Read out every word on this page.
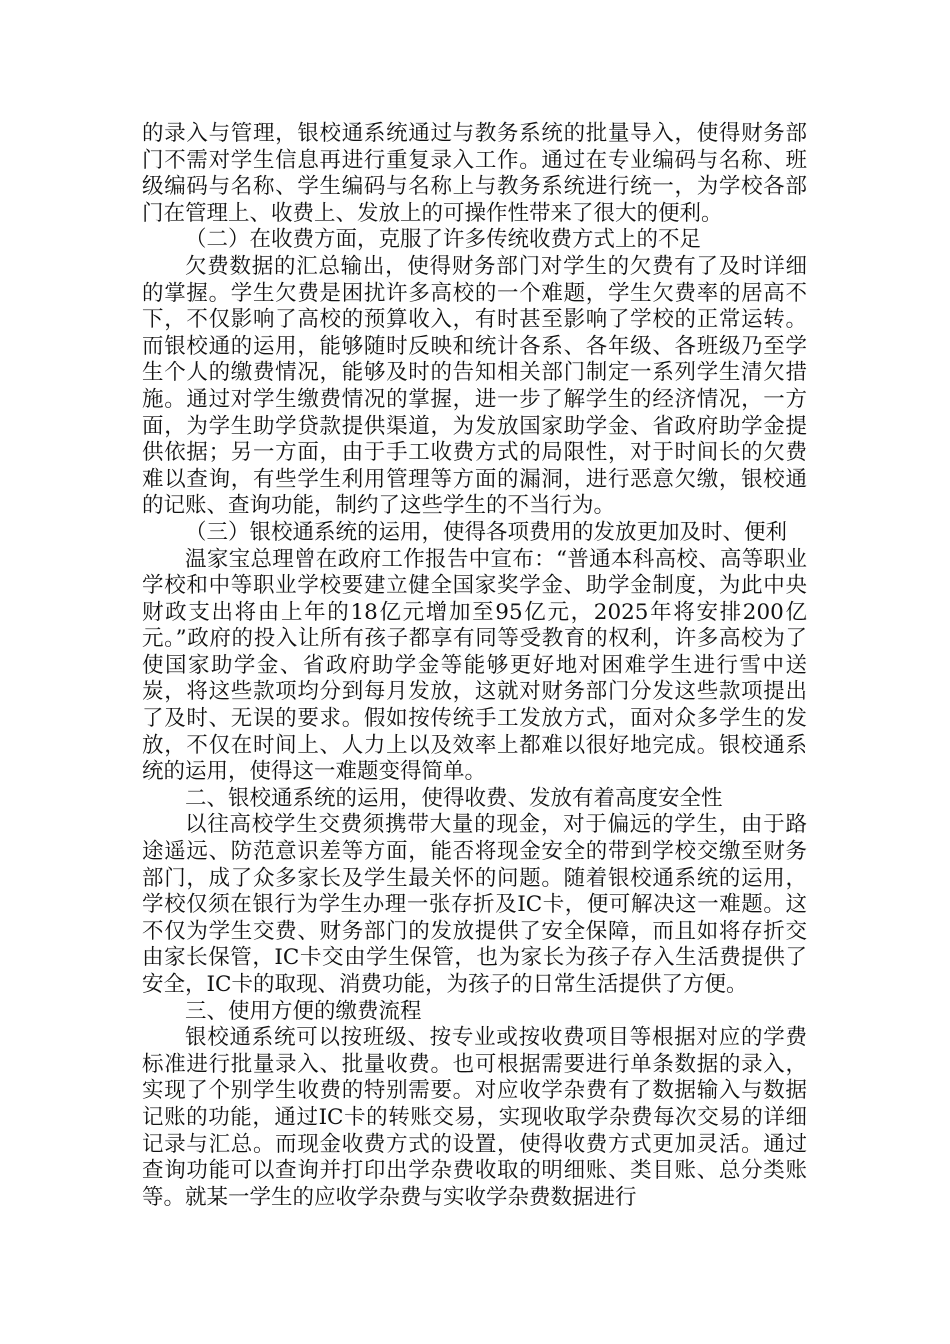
的录入与管理，银校通系统通过与教务系统的批量导入，使得财务部门不需对学生信息再进行重复录入工作。通过在专业编码与名称、班级编码与名称、学生编码与名称上与教务系统进行统一，为学校各部门在管理上、收费上、发放上的可操作性带来了很大的便利。

（二）在收费方面，克服了许多传统收费方式上的不足

欠费数据的汇总输出，使得财务部门对学生的欠费有了及时详细的掌握。学生欠费是困扰许多高校的一个难题，学生欠费率的居高不下，不仅影响了高校的预算收入，有时甚至影响了学校的正常运转。而银校通的运用，能够随时反映和统计各系、各年级、各班级乃至学生个人的缴费情况，能够及时的告知相关部门制定一系列学生清欠措施。通过对学生缴费情况的掌握，进一步了解学生的经济情况，一方面，为学生助学贷款提供渠道，为发放国家助学金、省政府助学金提供依据；另一方面，由于手工收费方式的局限性，对于时间长的欠费难以查询，有些学生利用管理等方面的漏洞，进行恶意欠缴，银校通的记账、查询功能，制约了这些学生的不当行为。

（三）银校通系统的运用，使得各项费用的发放更加及时、便利

温家宝总理曾在政府工作报告中宣布：“普通本科高校、高等职业学校和中等职业学校要建立健全国家奖学金、助学金制度，为此中央财政支出将由上年的18亿元增加至95亿元，2025年将安排200亿元。”政府的投入让所有孩子都享有同等受教育的权利，许多高校为了使国家助学金、省政府助学金等能够更好地对困难学生进行雪中送炭，将这些款项均分到每月发放，这就对财务部门分发这些款项提出了及时、无误的要求。假如按传统手工发放方式，面对众多学生的发放，不仅在时间上、人力上以及效率上都难以很好地完成。银校通系统的运用，使得这一难题变得简单。

二、银校通系统的运用，使得收费、发放有着高度安全性

以往高校学生交费须携带大量的现金，对于偏远的学生，由于路途遥远、防范意识差等方面，能否将现金安全的带到学校交缴至财务部门，成了众多家长及学生最关怀的问题。随着银校通系统的运用，学校仅须在银行为学生办理一张存折及IC卡，便可解决这一难题。这不仅为学生交费、财务部门的发放提供了安全保障，而且如将存折交由家长保管，IC卡交由学生保管，也为家长为孩子存入生活费提供了安全，IC卡的取现、消费功能，为孩子的日常生活提供了方便。

三、使用方便的缴费流程

银校通系统可以按班级、按专业或按收费项目等根据对应的学费标准进行批量录入、批量收费。也可根据需要进行单条数据的录入，实现了个别学生收费的特别需要。对应收学杂费有了数据输入与数据记账的功能，通过IC卡的转账交易，实现收取学杂费每次交易的详细记录与汇总。而现金收费方式的设置，使得收费方式更加灵活。通过查询功能可以查询并打印出学杂费收取的明细账、类目账、总分类账等。就某一学生的应收学杂费与实收学杂费数据进行
